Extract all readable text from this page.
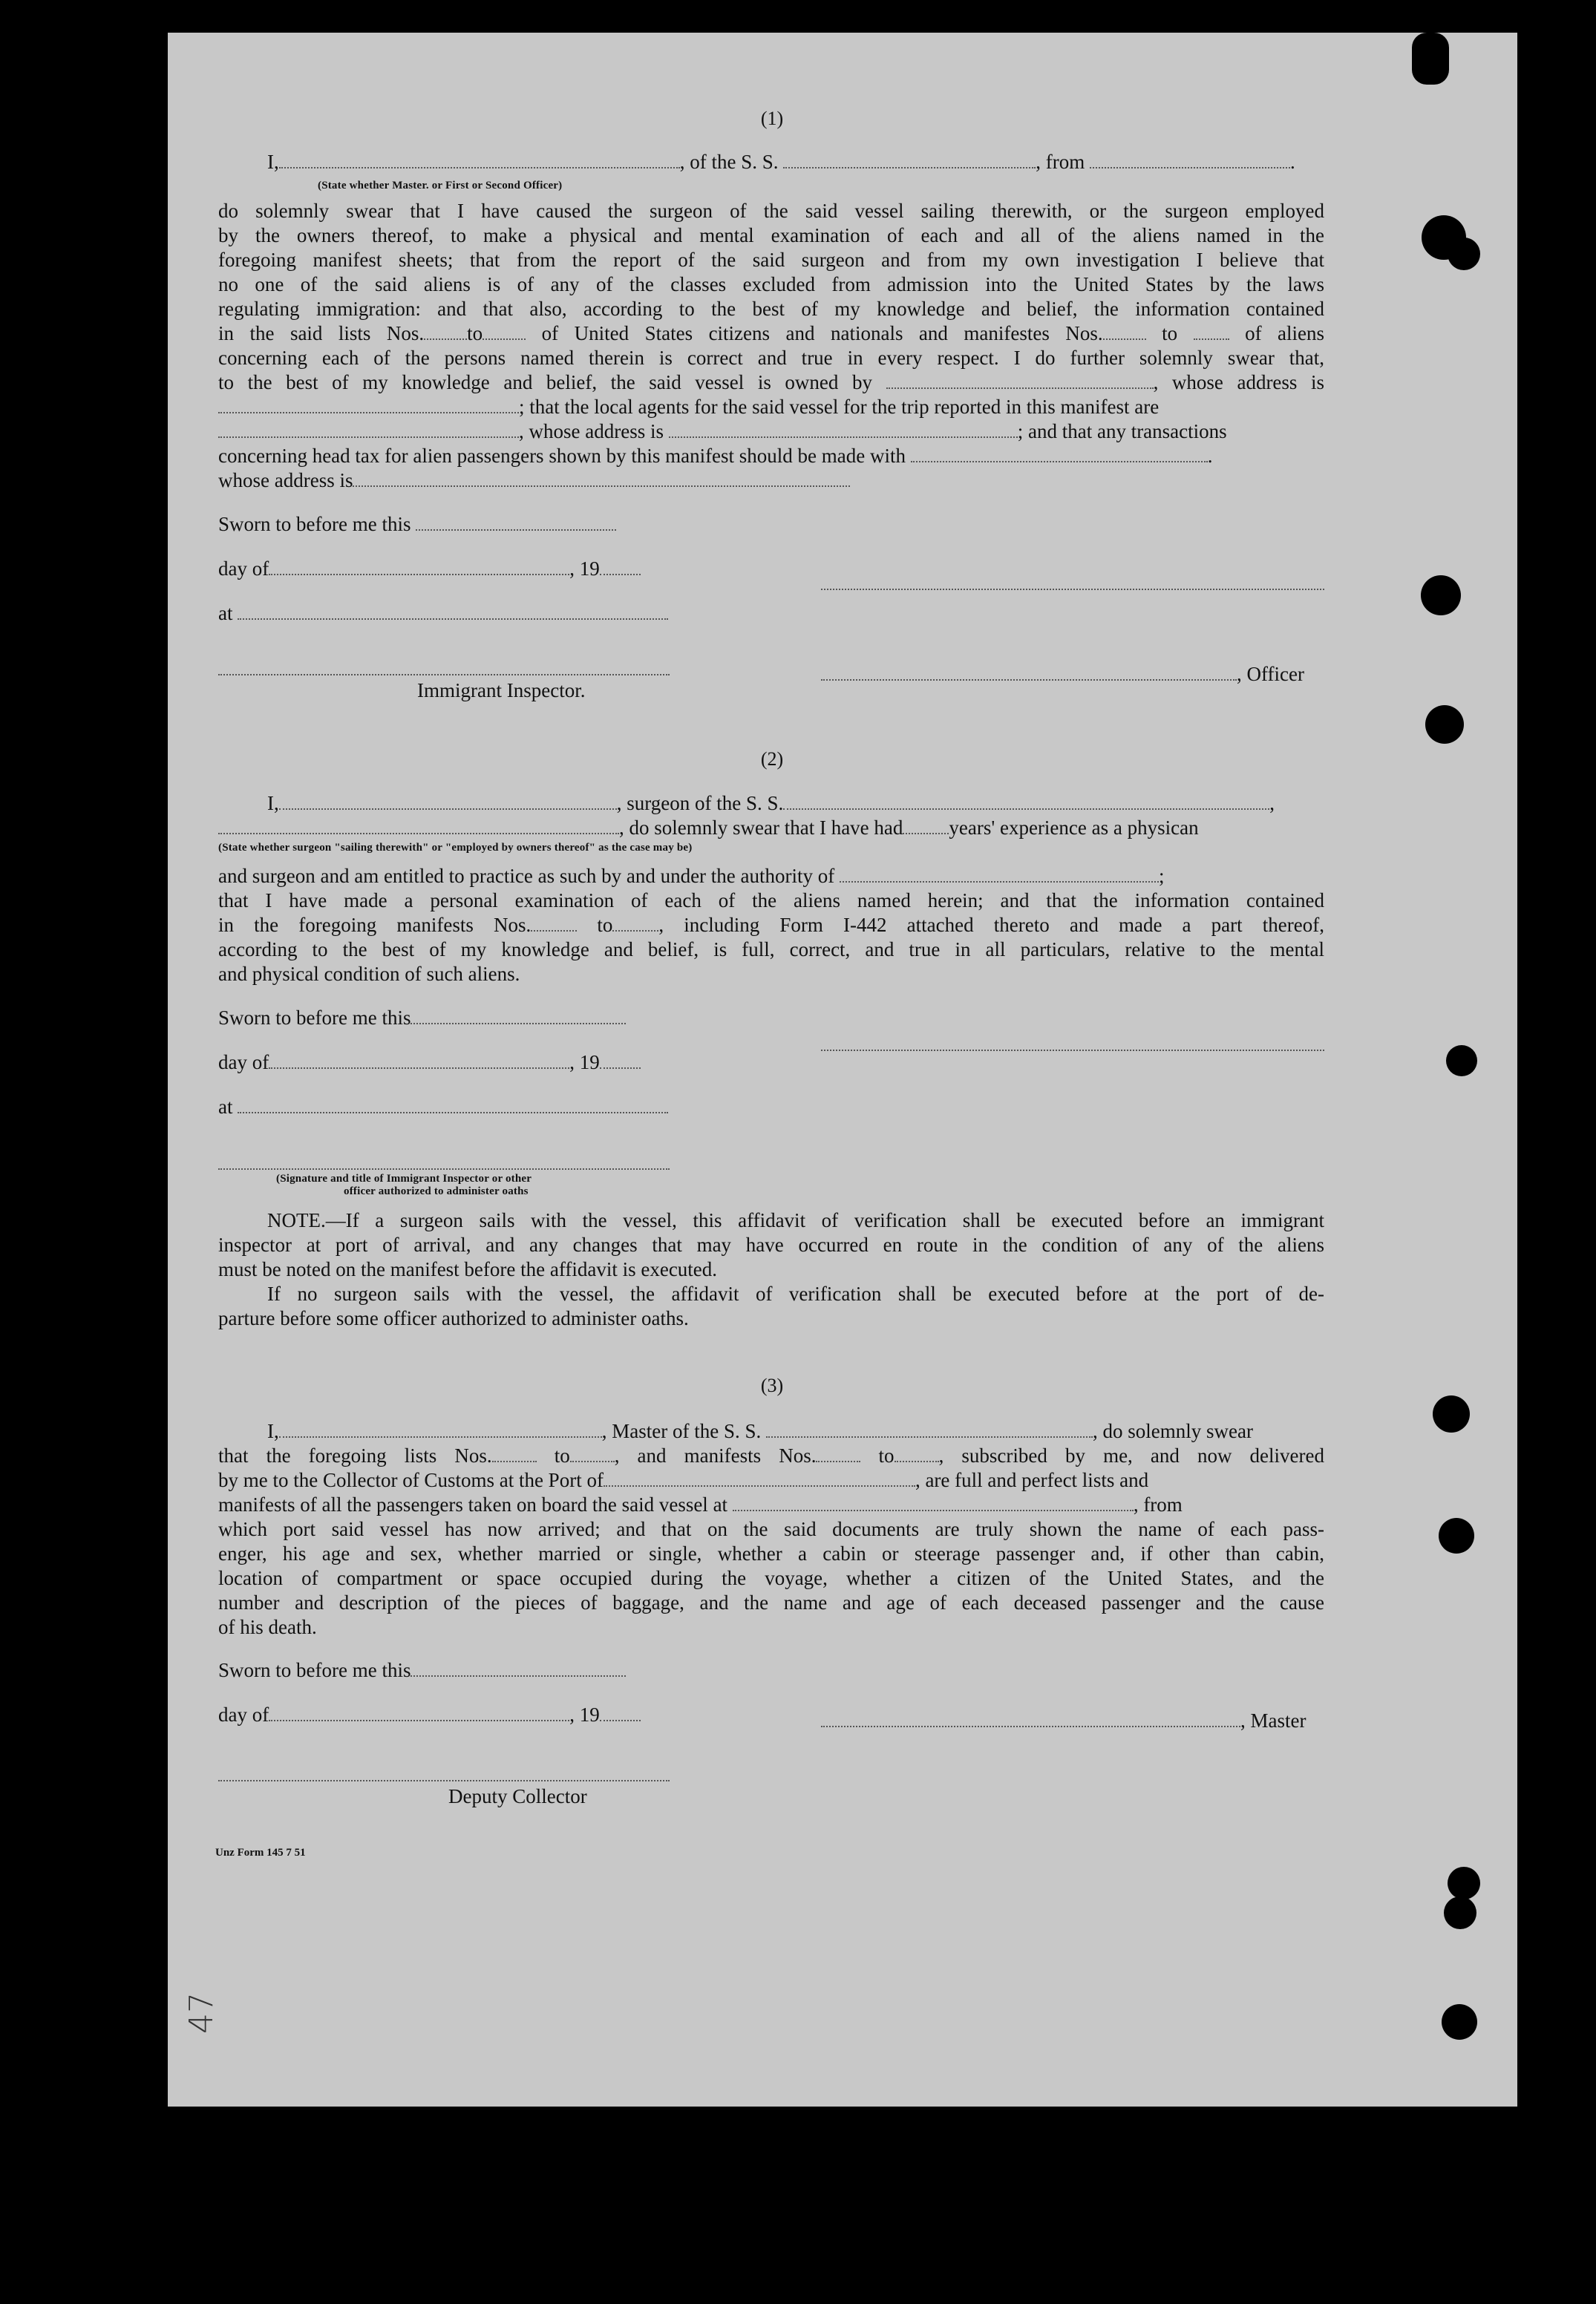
(1)
I,	, of the S. S.	, from	.
(State whether Master. or First or Second Officer)
do solemnly swear that I have caused the surgeon of the said vessel sailing therewith, or the surgeon employed
by the owners thereof, to make a physical and mental examination of each and all of the aliens named in the
foregoing manifest sheets; that from the report of the said surgeon and from my own investigation I believe that
no one of the said aliens is of any of the classes excluded from admission into the United States by the laws
regulating immigration: and that also, according to the best of my knowledge and belief, the information contained
in the said lists Nos. to	of United States citizens and nationals and manifestes Nos.	to	of aliens
concerning each of the persons named therein is correct and true in every respect. I do further solemnly swear that,
to the best of my knowledge and belief, the said vessel is owned by	, whose address is
; that the local agents for the said vessel for the trip reported in this manifest are
, whose address is	; and that any transactions
concerning head tax for alien passengers shown by this manifest should be made with	.
whose address is
Sworn to before me this
day of	, 19
at
, Officer
Immigrant Inspector.
(2)
I,	, surgeon of the S. S.	,
, do solemnly swear that I have had years' experience as a physican
(State whether surgeon "sailing therewith" or "employed by owners thereof" as the case may be)
and surgeon and am entitled to practice as such by and under the authority of	;
that I have made a personal examination of each of the aliens named herein; and that the information contained
in the foregoing manifests Nos.	to , including Form I-442 attached thereto and made a part thereof,
according to the best of my knowledge and belief, is full, correct, and true in all particulars, relative to the mental
and physical condition of such aliens.
Sworn to before me this
day of	, 19
at
(Signature and title of Immigrant Inspector or other
officer authorized to administer oaths
NOTE.—If a surgeon sails with the vessel, this affidavit of verification shall be executed before an immigrant
inspector at port of arrival, and any changes that may have occurred en route in the condition of any of the aliens
must be noted on the manifest before the affidavit is executed.
If no surgeon sails with the vessel, the affidavit of verification shall be executed before at the port of de-
parture before some officer authorized to administer oaths.
(3)
I,	, Master of the S. S.	, do solemnly swear
that the foregoing lists Nos.	to , and manifests Nos.	to , subscribed by me, and now delivered
by me to the Collector of Customs at the Port of	, are full and perfect lists and
manifests of all the passengers taken on board the said vessel at	, from
which port said vessel has now arrived; and that on the said documents are truly shown the name of each pass-
enger, his age and sex, whether married or single, whether a cabin or steerage passenger and, if other than cabin,
location of compartment or space occupied during the voyage, whether a citizen of the United States, and the
number and description of the pieces of baggage, and the name and age of each deceased passenger and the cause
of his death.
Sworn to before me this
day of	, 19	, Master
Deputy Collector
Unz Form 145 7 51
47
